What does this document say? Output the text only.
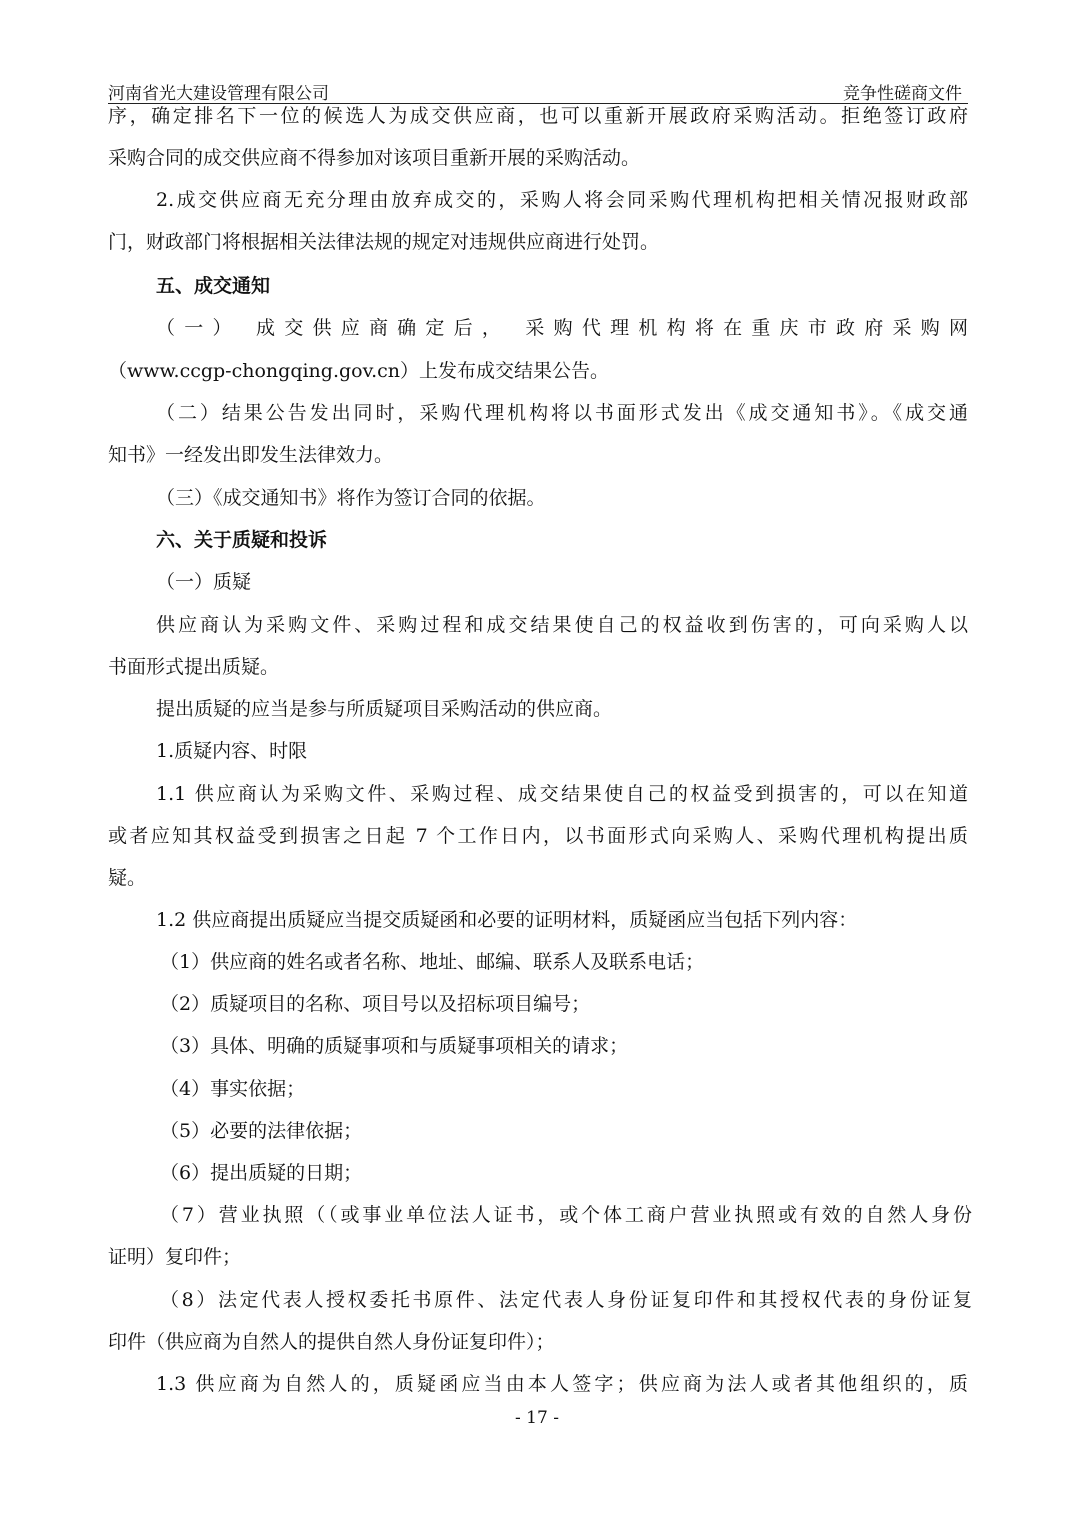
河南省光大建设管理有限公司	竞争性磋商文件
序，确定排名下一位的候选人为成交供应商，也可以重新开展政府采购活动。拒绝签订政府
采购合同的成交供应商不得参加对该项目重新开展的采购活动。
2.成交供应商无充分理由放弃成交的，采购人将会同采购代理机构把相关情况报财政部
门，财政部门将根据相关法律法规的规定对违规供应商进行处罚。
五、成交通知
（一） 成交供应商确定后， 采购代理机构将在重庆市政府采购网
（www.ccgp-chongqing.gov.cn）上发布成交结果公告。
（二）结果公告发出同时，采购代理机构将以书面形式发出《成交通知书》。《成交通
知书》一经发出即发生法律效力。
（三）《成交通知书》将作为签订合同的依据。
六、关于质疑和投诉
（一）质疑
供应商认为采购文件、采购过程和成交结果使自己的权益收到伤害的，可向采购人以
书面形式提出质疑。
提出质疑的应当是参与所质疑项目采购活动的供应商。
1.质疑内容、时限
1.1 供应商认为采购文件、采购过程、成交结果使自己的权益受到损害的，可以在知道
或者应知其权益受到损害之日起 7 个工作日内，以书面形式向采购人、采购代理机构提出质
疑。
1.2 供应商提出质疑应当提交质疑函和必要的证明材料，质疑函应当包括下列内容：
（1）供应商的姓名或者名称、地址、邮编、联系人及联系电话；
（2）质疑项目的名称、项目号以及招标项目编号；
（3）具体、明确的质疑事项和与质疑事项相关的请求；
（4）事实依据；
（5）必要的法律依据；
（6）提出质疑的日期；
（7）营业执照（（或事业单位法人证书，或个体工商户营业执照或有效的自然人身份
证明）复印件；
（8）法定代表人授权委托书原件、法定代表人身份证复印件和其授权代表的身份证复
印件（供应商为自然人的提供自然人身份证复印件）；
1.3 供应商为自然人的，质疑函应当由本人签字；供应商为法人或者其他组织的，质
- 17 -
